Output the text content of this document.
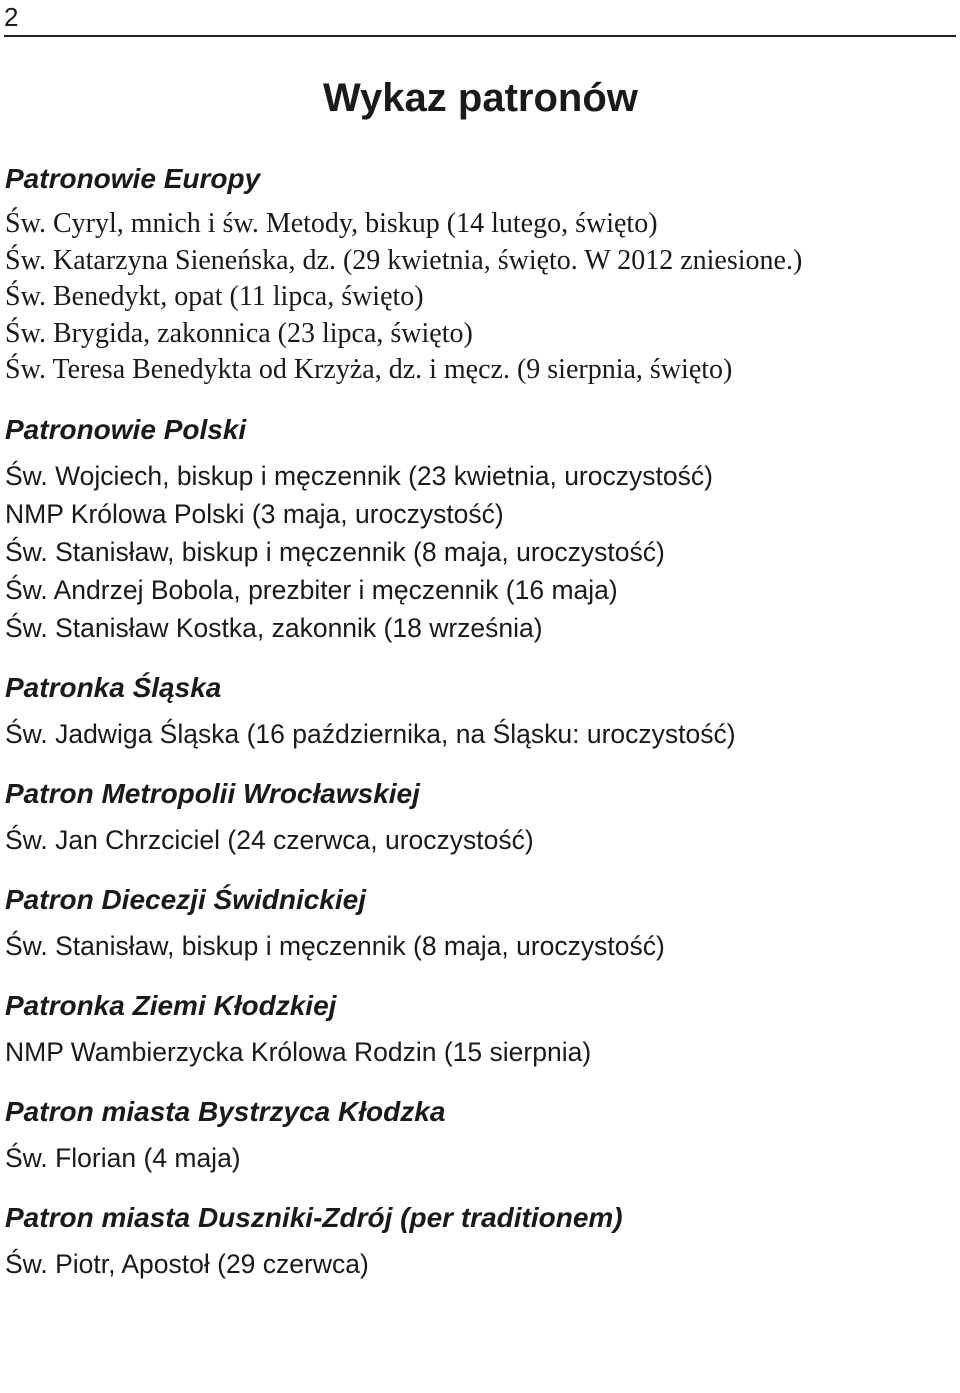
2
Wykaz patronów
Patronowie Europy
Św. Cyryl, mnich i św. Metody, biskup (14 lutego, święto)
Św. Katarzyna Sieneńska, dz. (29 kwietnia, święto. W 2012 zniesione.)
Św. Benedykt, opat (11 lipca, święto)
Św. Brygida, zakonnica (23 lipca, święto)
Św. Teresa Benedykta od Krzyża, dz. i męcz. (9 sierpnia, święto)
Patronowie Polski
Św. Wojciech, biskup i męczennik (23 kwietnia, uroczystość)
NMP Królowa Polski (3 maja, uroczystość)
Św. Stanisław, biskup i męczennik (8 maja, uroczystość)
Św. Andrzej Bobola, prezbiter i męczennik (16 maja)
Św. Stanisław Kostka, zakonnik (18 września)
Patronka Śląska
Św. Jadwiga Śląska (16 października, na Śląsku: uroczystość)
Patron Metropolii Wrocławskiej
Św. Jan Chrzciciel (24 czerwca, uroczystość)
Patron Diecezji Świdnickiej
Św. Stanisław, biskup i męczennik (8 maja, uroczystość)
Patronka Ziemi Kłodzkiej
NMP Wambierzycka Królowa Rodzin (15 sierpnia)
Patron miasta Bystrzyca Kłodzka
Św. Florian (4 maja)
Patron miasta Duszniki-Zdrój (per traditionem)
Św. Piotr, Apostoł (29 czerwca)
